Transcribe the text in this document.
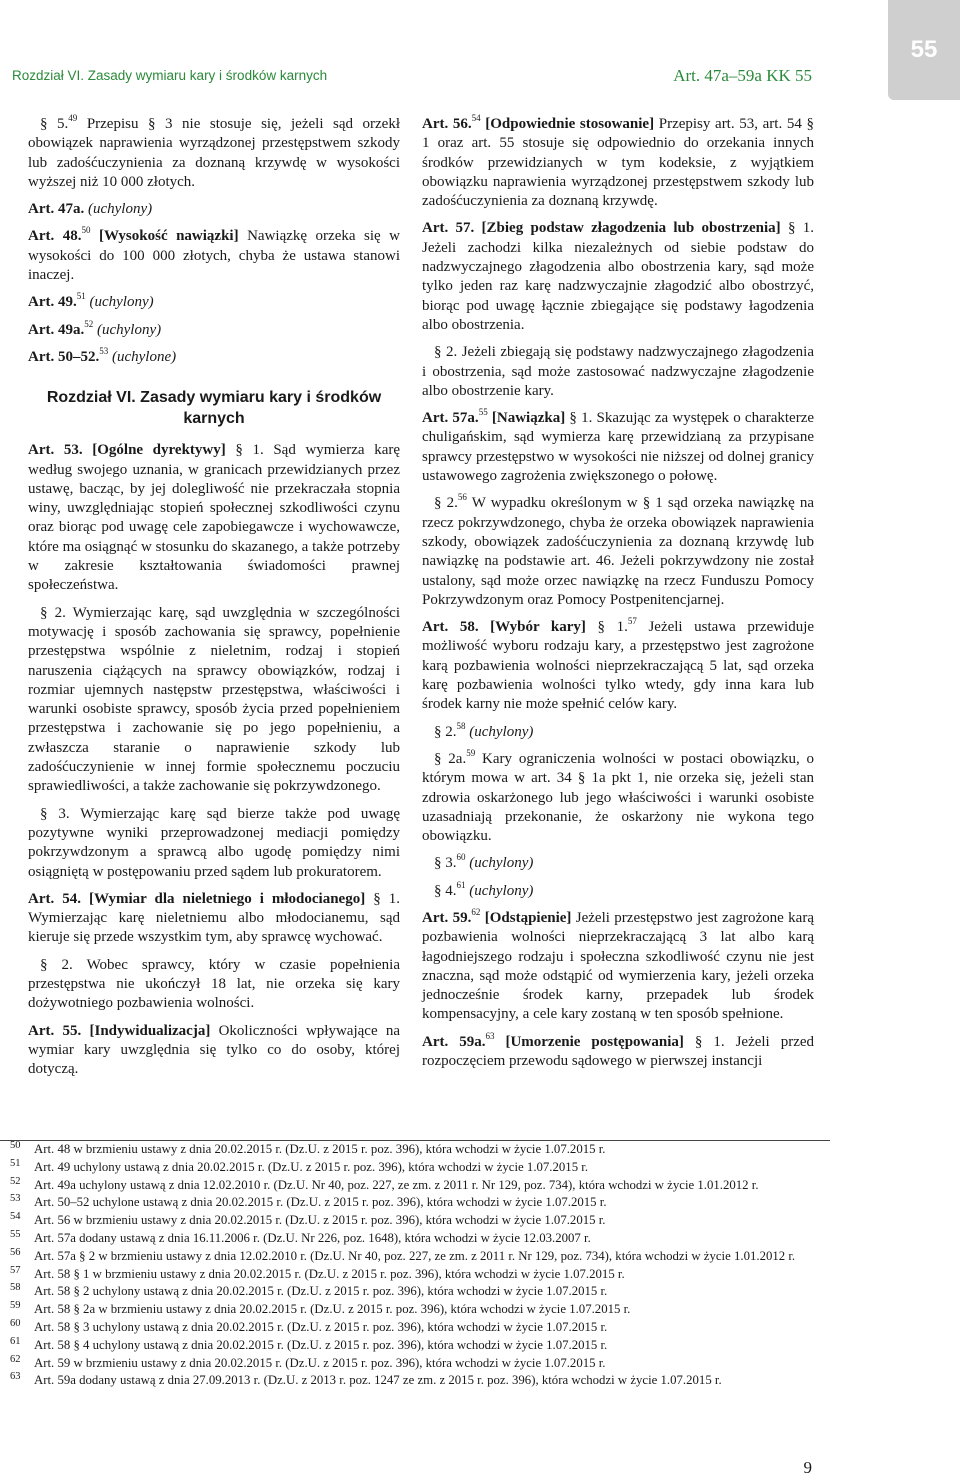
55
Rozdział VI. Zasady wymiaru kary i środków karnych	Art. 47a–59a KK 55

§ 5.49 Przepisu § 3 nie stosuje się, jeżeli sąd orzekł obowiązek naprawienia wyrządzonej przestępstwem szkody lub zadośćuczynienia za doznaną krzywdę w wysokości wyższej niż 10 000 złotych.

Art. 47a. (uchylony)

Art. 48.50 [Wysokość nawiązki] Nawiązkę orzeka się w wysokości do 100 000 złotych, chyba że ustawa stanowi inaczej.

Art. 49.51 (uchylony)

Art. 49a.$^{52}$ (uchylony)

Art. 50–52.53 (uchylone)

Rozdział VI. Zasady wymiaru kary i środków karnych

Art. 53. [Ogólne dyrektywy] § 1. Sąd wymierza karę według swojego uznania, w granicach przewidzianych przez ustawę, bacząc, by jej dolegliwość nie przekraczała stopnia winy, uwzględniając stopień społecznej szkodliwości czynu oraz biorąc pod uwagę cele zapobiegawcze i wychowawcze, które ma osiągnąć w stosunku do skazanego, a także potrzeby w zakresie kształtowania świadomości prawnej społeczeństwa.

§ 2. Wymierzając karę, sąd uwzględnia w szczególności motywację i sposób zachowania się sprawcy, popełnienie przestępstwa wspólnie z nieletnim, rodzaj i stopień naruszenia ciążących na sprawcy obowiązków, rodzaj i rozmiar ujemnych następstw przestępstwa, właściwości i warunki osobiste sprawcy, sposób życia przed popełnieniem przestępstwa i zachowanie się po jego popełnieniu, a zwłaszcza staranie o naprawienie szkody lub zadośćuczynienie w innej formie społecznemu poczuciu sprawiedliwości, a także zachowanie się pokrzywdzonego.

§ 3. Wymierzając karę sąd bierze także pod uwagę pozytywne wyniki przeprowadzonej mediacji pomiędzy pokrzywdzonym a sprawcą albo ugodę pomiędzy nimi osiągniętą w postępowaniu przed sądem lub prokuratorem.

Art. 54. [Wymiar dla nieletniego i młodocianego] § 1. Wymierzając karę nieletniemu albo młodocianemu, sąd kieruje się przede wszystkim tym, aby sprawcę wychować.

§ 2. Wobec sprawcy, który w czasie popełnienia przestępstwa nie ukończył 18 lat, nie orzeka się kary dożywotniego pozbawienia wolności.

Art. 55. [Indywidualizacja] Okoliczności wpływające na wymiar kary uwzględnia się tylko co do osoby, której dotyczą.

Art. 56.54 [Odpowiednie stosowanie] Przepisy art. 53, art. 54 § 1 oraz art. 55 stosuje się odpowiednio do orzekania innych środków przewidzianych w tym kodeksie, z wyjątkiem obowiązku naprawienia wyrządzonej przestępstwem szkody lub zadośćuczynienia za doznaną krzywdę.

Art. 57. [Zbieg podstaw złagodzenia lub obostrzenia] § 1. Jeżeli zachodzi kilka niezależnych od siebie podstaw do nadzwyczajnego złagodzenia albo obostrzenia kary, sąd może tylko jeden raz karę nadzwyczajnie złagodzić albo obostrzyć, biorąc pod uwagę łącznie zbiegające się podstawy łagodzenia albo obostrzenia.

§ 2. Jeżeli zbiegają się podstawy nadzwyczajnego złagodzenia i obostrzenia, sąd może zastosować nadzwyczajne złagodzenie albo obostrzenie kary.

Art. 57a.$^{55}$ [Nawiązka] § 1. Skazując za występek o charakterze chuligańskim, sąd wymierza karę przewidzianą za przypisane sprawcy przestępstwo w wysokości nie niższej od dolnej granicy ustawowego zagrożenia zwiększonego o połowę.

§ 2.56 W wypadku określonym w § 1 sąd orzeka nawiązkę na rzecz pokrzywdzonego, chyba że orzeka obowiązek naprawienia szkody, obowiązek zadośćuczynienia za doznaną krzywdę lub nawiązkę na podstawie art. 46. Jeżeli pokrzywdzony nie został ustalony, sąd może orzec nawiązkę na rzecz Funduszu Pomocy Pokrzywdzonym oraz Pomocy Postpenitencjarnej.

Art. 58. [Wybór kary] § 1.57 Jeżeli ustawa przewiduje możliwość wyboru rodzaju kary, a przestępstwo jest zagrożone karą pozbawienia wolności nieprzekraczającą 5 lat, sąd orzeka karę pozbawienia wolności tylko wtedy, gdy inna kara lub środek karny nie może spełnić celów kary.

§ 2.58 (uchylony)

§ 2a.$^{59}$ Kary ograniczenia wolności w postaci obowiązku, o którym mowa w art. 34 § 1a pkt 1, nie orzeka się, jeżeli stan zdrowia oskarżonego lub jego właściwości i warunki osobiste uzasadniają przekonanie, że oskarżony nie wykona tego obowiązku.

§ 3.60 (uchylony)

§ 4.61 (uchylony)

Art. 59.62 [Odstąpienie] Jeżeli przestępstwo jest zagrożone karą pozbawienia wolności nieprzekraczającą 3 lat albo karą łagodniejszego rodzaju i społeczna szkodliwość czynu nie jest znaczna, sąd może odstąpić od wymierzenia kary, jeżeli orzeka jednocześnie środek karny, przepadek lub środek kompensacyjny, a cele kary zostaną w ten sposób spełnione.

Art. 59a.$^{63}$ [Umorzenie postępowania] § 1. Jeżeli przed rozpoczęciem przewodu sądowego w pierwszej instancji

50 Art. 48 w brzmieniu ustawy z dnia 20.02.2015 r. (Dz.U. z 2015 r. poz. 396), która wchodzi w życie 1.07.2015 r.
51 Art. 49 uchylony ustawą z dnia 20.02.2015 r. (Dz.U. z 2015 r. poz. 396), która wchodzi w życie 1.07.2015 r.
52 Art. 49a uchylony ustawą z dnia 12.02.2010 r. (Dz.U. Nr 40, poz. 227, ze zm. z 2011 r. Nr 129, poz. 734), która wchodzi w życie 1.01.2012 r.
53 Art. 50–52 uchylone ustawą z dnia 20.02.2015 r. (Dz.U. z 2015 r. poz. 396), która wchodzi w życie 1.07.2015 r.
54 Art. 56 w brzmieniu ustawy z dnia 20.02.2015 r. (Dz.U. z 2015 r. poz. 396), która wchodzi w życie 1.07.2015 r.
55 Art. 57a dodany ustawą z dnia 16.11.2006 r. (Dz.U. Nr 226, poz. 1648), która wchodzi w życie 12.03.2007 r.
56 Art. 57a § 2 w brzmieniu ustawy z dnia 12.02.2010 r. (Dz.U. Nr 40, poz. 227, ze zm. z 2011 r. Nr 129, poz. 734), która wchodzi w życie 1.01.2012 r.
57 Art. 58 § 1 w brzmieniu ustawy z dnia 20.02.2015 r. (Dz.U. z 2015 r. poz. 396), która wchodzi w życie 1.07.2015 r.
58 Art. 58 § 2 uchylony ustawą z dnia 20.02.2015 r. (Dz.U. z 2015 r. poz. 396), która wchodzi w życie 1.07.2015 r.
59 Art. 58 § 2a w brzmieniu ustawy z dnia 20.02.2015 r. (Dz.U. z 2015 r. poz. 396), która wchodzi w życie 1.07.2015 r.
60 Art. 58 § 3 uchylony ustawą z dnia 20.02.2015 r. (Dz.U. z 2015 r. poz. 396), która wchodzi w życie 1.07.2015 r.
61 Art. 58 § 4 uchylony ustawą z dnia 20.02.2015 r. (Dz.U. z 2015 r. poz. 396), która wchodzi w życie 1.07.2015 r.
62 Art. 59 w brzmieniu ustawy z dnia 20.02.2015 r. (Dz.U. z 2015 r. poz. 396), która wchodzi w życie 1.07.2015 r.
63 Art. 59a dodany ustawą z dnia 27.09.2013 r. (Dz.U. z 2013 r. poz. 1247 ze zm. z 2015 r. poz. 396), która wchodzi w życie 1.07.2015 r.
9
